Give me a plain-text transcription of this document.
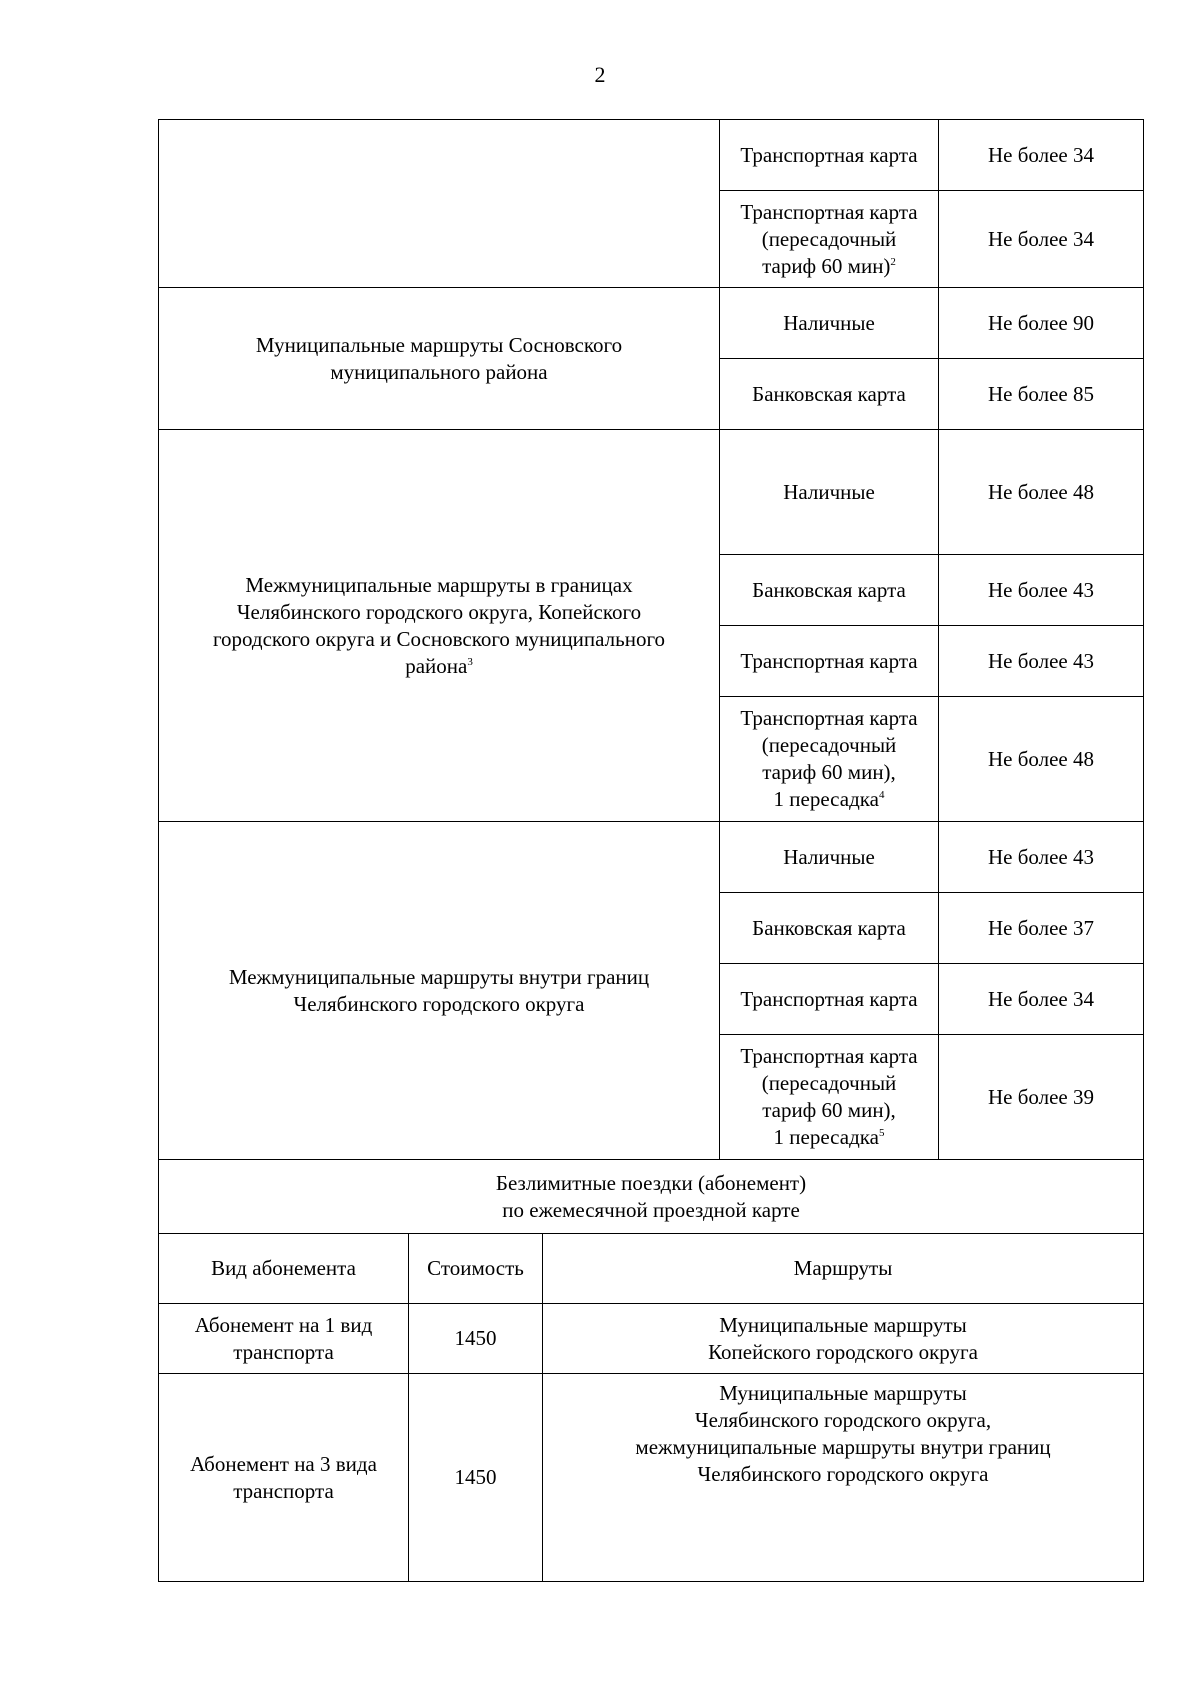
2

	Транспортная карта	Не более 34

	Транспортная карта
(пересадочный
тариф 60 мин)$^2$	Не более 34

Муниципальные маршруты Сосновского
муниципального района	Наличные	Не более 90

	Банковская карта	Не более 85

Межмуниципальные маршруты в границах
Челябинского городского округа, Копейского
городского округа и Сосновского муниципального
района$^3$	Наличные	Не более 48

	Банковская карта	Не более 43

	Транспортная карта	Не более 43

	Транспортная карта
(пересадочный
тариф 60 мин),
1 пересадка$^4$	Не более 48

Межмуниципальные маршруты внутри границ
Челябинского городского округа	Наличные	Не более 43

	Банковская карта	Не более 37

	Транспортная карта	Не более 34

	Транспортная карта
(пересадочный
тариф 60 мин),
1 пересадка$^5$	Не более 39
Безлимитные поездки (абонемент)
по ежемесячной проездной карте		

Вид абонемента	Стоимость	Маршруты

Абонемент на 1 вид
транспорта	1450	Муниципальные маршруты
Копейского городского округа

Абонемент на 3 вида
транспорта	1450	Муниципальные маршруты
Челябинского городского округа,
межмуниципальные маршруты внутри границ
Челябинского городского округа
